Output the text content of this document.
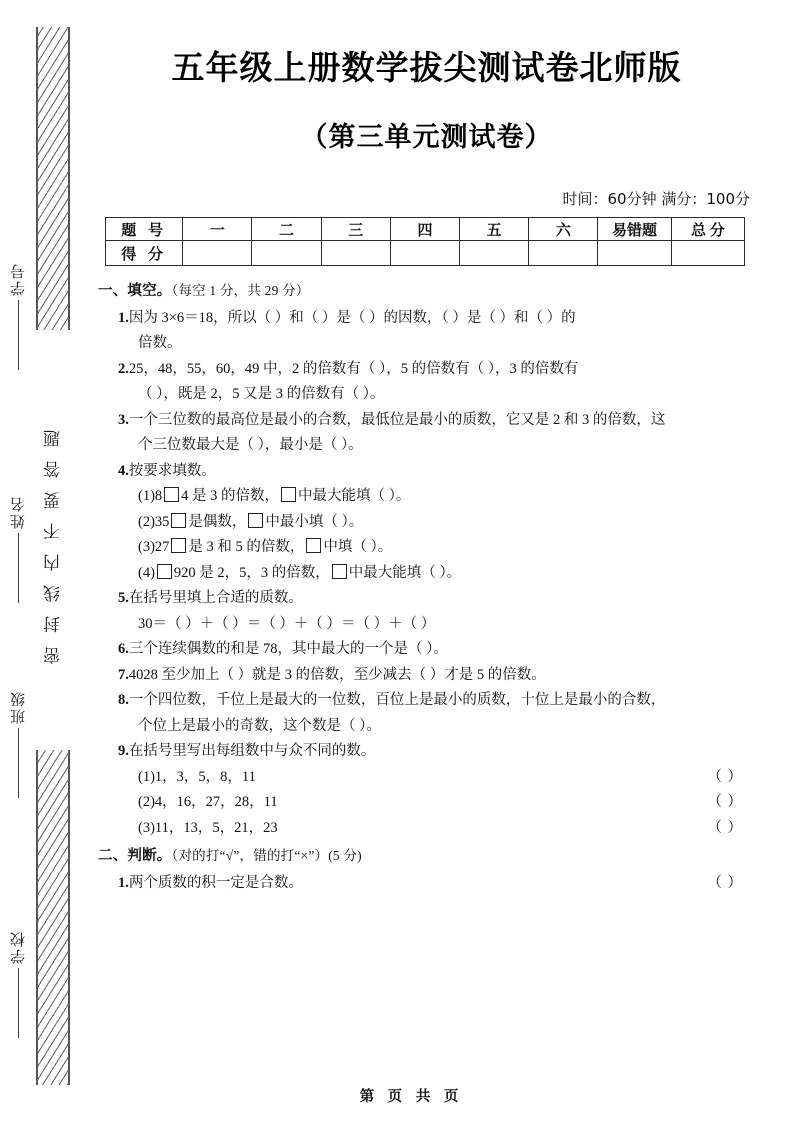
密封线内不要答题
学号
姓名
班级
学校
五年级上册数学拔尖测试卷北师版
（第三单元测试卷）
时间：60分钟 满分：100分
题 号	一	二	三	四	五	六	易错题	总 分
得 分								
一、填空。（每空 1 分，共 29 分）
1.因为 3×6＝18，所以（ ）和（ ）是（ ）的因数，（ ）是（ ）和（ ）的
倍数。
2.25，48，55，60，49 中，2 的倍数有（ ），5 的倍数有（ ），3 的倍数有
（ ），既是 2，5 又是 3 的倍数有（ ）。
3.一个三位数的最高位是最小的合数，最低位是最小的质数，它又是 2 和 3 的倍数，这
个三位数最大是（ ），最小是（ ）。
4.按要求填数。
(1)8 4 是 3 的倍数， 中最大能填（ ）。
(2)35 是偶数， 中最小填（ ）。
(3)27 是 3 和 5 的倍数， 中填（ ）。
(4) 920 是 2，5，3 的倍数， 中最大能填（ ）。
5.在括号里填上合适的质数。
30＝（ ）＋（ ）＝（ ）＋（ ）＝（ ）＋（ ）
6.三个连续偶数的和是 78，其中最大的一个是（ ）。
7.4028 至少加上（ ）就是 3 的倍数，至少减去（ ）才是 5 的倍数。
8.一个四位数，千位上是最大的一位数，百位上是最小的质数，十位上是最小的合数，
个位上是最小的奇数，这个数是（ ）。
9.在括号里写出每组数中与众不同的数。
（ ）
(1)1，3，5，8，11
（ ）
(2)4，16，27，28，11
（ ）
(3)11，13，5，21，23
二、判断。（对的打“√”，错的打“×”）(5 分)
（ ）
1.两个质数的积一定是合数。
第 页 共 页
